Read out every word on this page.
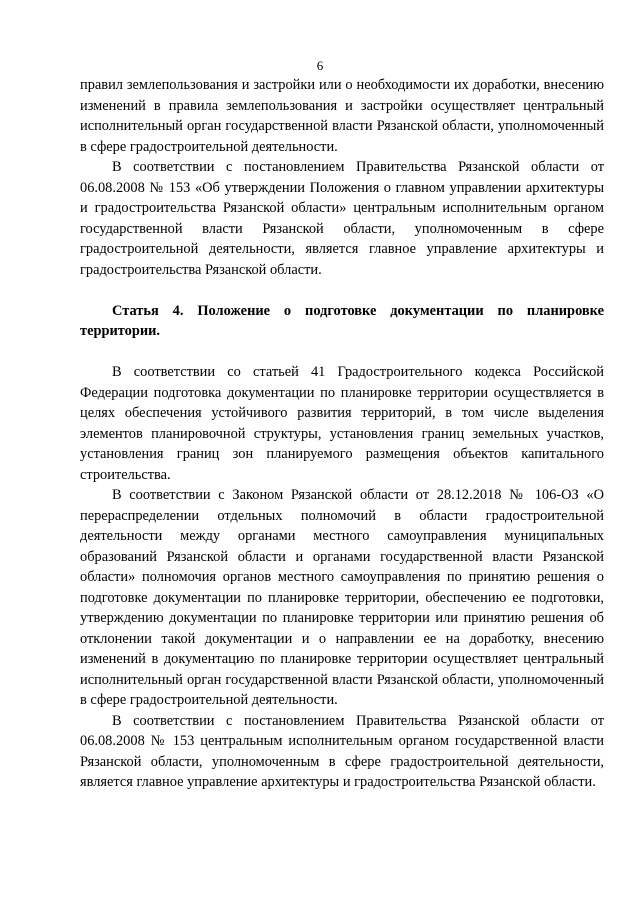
6

правил землепользования и застройки или о необходимости их доработки, внесению изменений в правила землепользования и застройки осуществляет центральный исполнительный орган государственной власти Рязанской области, уполномоченный в сфере градостроительной деятельности.

В соответствии с постановлением Правительства Рязанской области от 06.08.2008 № 153 «Об утверждении Положения о главном управлении архитектуры и градостроительства Рязанской области» центральным исполнительным органом государственной власти Рязанской области, уполномоченным в сфере градостроительной деятельности, является главное управление архитектуры и градостроительства Рязанской области.

Статья 4. Положение о подготовке документации по планировке территории.

В соответствии со статьей 41 Градостроительного кодекса Российской Федерации подготовка документации по планировке территории осуществляется в целях обеспечения устойчивого развития территорий, в том числе выделения элементов планировочной структуры, установления границ земельных участков, установления границ зон планируемого размещения объектов капитального строительства.

В соответствии с Законом Рязанской области от 28.12.2018 № 106-ОЗ «О перераспределении отдельных полномочий в области градостроительной деятельности между органами местного самоуправления муниципальных образований Рязанской области и органами государственной власти Рязанской области» полномочия органов местного самоуправления по принятию решения о подготовке документации по планировке территории, обеспечению ее подготовки, утверждению документации по планировке территории или принятию решения об отклонении такой документации и о направлении ее на доработку, внесению изменений в документацию по планировке территории осуществляет центральный исполнительный орган государственной власти Рязанской области, уполномоченный в сфере градостроительной деятельности.

В соответствии с постановлением Правительства Рязанской области от 06.08.2008 № 153 центральным исполнительным органом государственной власти Рязанской области, уполномоченным в сфере градостроительной деятельности, является главное управление архитектуры и градостроительства Рязанской области.
